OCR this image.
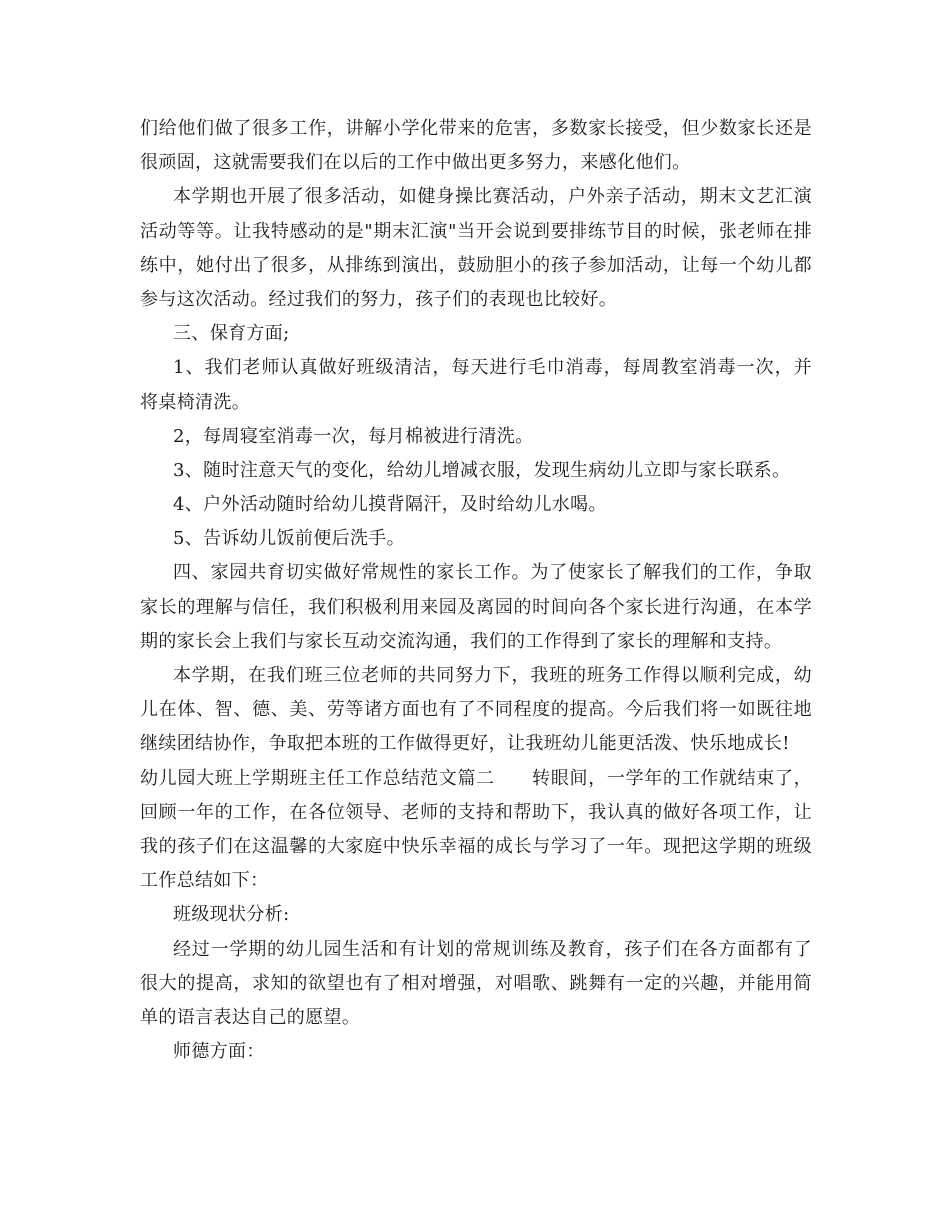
们给他们做了很多工作，讲解小学化带来的危害，多数家长接受，但少数家长还是
很顽固，这就需要我们在以后的工作中做出更多努力，来感化他们。
本学期也开展了很多活动，如健身操比赛活动，户外亲子活动，期末文艺汇演
活动等等。让我特感动的是"期末汇演"当开会说到要排练节目的时候，张老师在排
练中，她付出了很多，从排练到演出，鼓励胆小的孩子参加活动，让每一个幼儿都
参与这次活动。经过我们的努力，孩子们的表现也比较好。
三、保育方面;
1、我们老师认真做好班级清洁，每天进行毛巾消毒，每周教室消毒一次，并
将桌椅清洗。
2，每周寝室消毒一次，每月棉被进行清洗。
3、随时注意天气的变化，给幼儿增减衣服，发现生病幼儿立即与家长联系。
4、户外活动随时给幼儿摸背隔汗，及时给幼儿水喝。
5、告诉幼儿饭前便后洗手。
四、家园共育切实做好常规性的家长工作。为了使家长了解我们的工作，争取
家长的理解与信任，我们积极利用来园及离园的时间向各个家长进行沟通，在本学
期的家长会上我们与家长互动交流沟通，我们的工作得到了家长的理解和支持。
本学期，在我们班三位老师的共同努力下，我班的班务工作得以顺利完成，幼
儿在体、智、德、美、劳等诸方面也有了不同程度的提高。今后我们将一如既往地
继续团结协作，争取把本班的工作做得更好，让我班幼儿能更活泼、快乐地成长!
幼儿园大班上学期班主任工作总结范文篇二　　转眼间，一学年的工作就结束了，
回顾一年的工作，在各位领导、老师的支持和帮助下，我认真的做好各项工作，让
我的孩子们在这温馨的大家庭中快乐幸福的成长与学习了一年。现把这学期的班级
工作总结如下：
班级现状分析:
经过一学期的幼儿园生活和有计划的常规训练及教育，孩子们在各方面都有了
很大的提高，求知的欲望也有了相对增强，对唱歌、跳舞有一定的兴趣，并能用简
单的语言表达自己的愿望。
师德方面：
